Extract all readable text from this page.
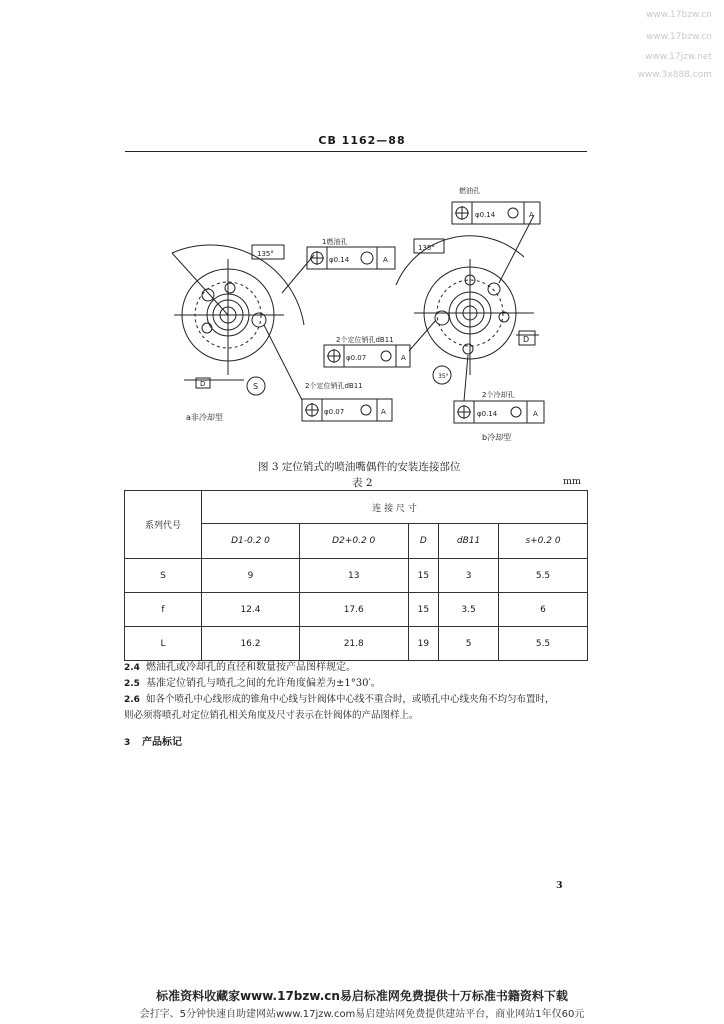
www.17bzw.cn
www.17bzw.cn
www.17jzw.net
www.3x888.com
CB 1162—88
135°
1燃油孔
φ0.14	A
D	S	2个定位销孔dB11
φ0.07	A
a非冷却型
135°
燃油孔
φ0.14	A
2个定位销孔dB11
φ0.07	A
D
35°
2个冷却孔
φ0.14	A
b冷却型
图 3 定位销式的喷油嘴偶件的安装连接部位
表 2	mm
系列代号	连 接 尺 寸				
	D1-0.2 0	D2+0.2 0	D	dB11	s+0.2 0
S	9	13	15	3	5.5
f	12.4	17.6	15	3.5	6
L	16.2	21.8	19	5	5.5
2.4 燃油孔或冷却孔的直径和数量按产品图样规定。
2.5 基准定位销孔与喷孔之间的允许角度偏差为±1°30′。
2.6 如各个喷孔中心线形成的锥角中心线与针阀体中心线不重合时，或喷孔中心线夹角不均匀布置时，
则必须将喷孔对定位销孔相关角度及尺寸表示在针阀体的产品图样上。
3 产品标记
3
标准资料收藏家www.17bzw.cn易启标准网免费提供十万标准书籍资料下载
会打字、5分钟快速自助建网站www.17jzw.com易启建站网免费提供建站平台，商业网站1年仅60元
